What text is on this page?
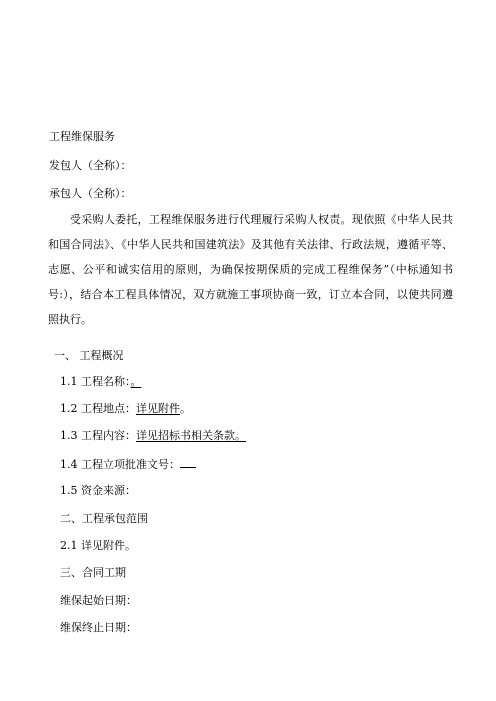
工程维保服务
发包人（全称）：
承包人（全称）：
受采购人委托，工程维保服务进行代理履行采购人权责。现依照《中华人民共和国合同法》、《中华人民共和国建筑法》及其他有关法律、行政法规，遵循平等、志愿、公平和诚实信用的原则，为确保按期保质的完成工程维保务”（中标通知书号:），结合本工程具体情况，双方就施工事项协商一致，订立本合同，以使共同遵照执行。
一、 工程概况
1.1 工程名称：。
1.2 工程地点：详见附件。
1.3 工程内容：详见招标书相关条款。
1.4 工程立项批准文号：
1.5 资金来源：
二、工程承包范围
2.1 详见附件。
三、合同工期
维保起始日期：
维保终止日期：
